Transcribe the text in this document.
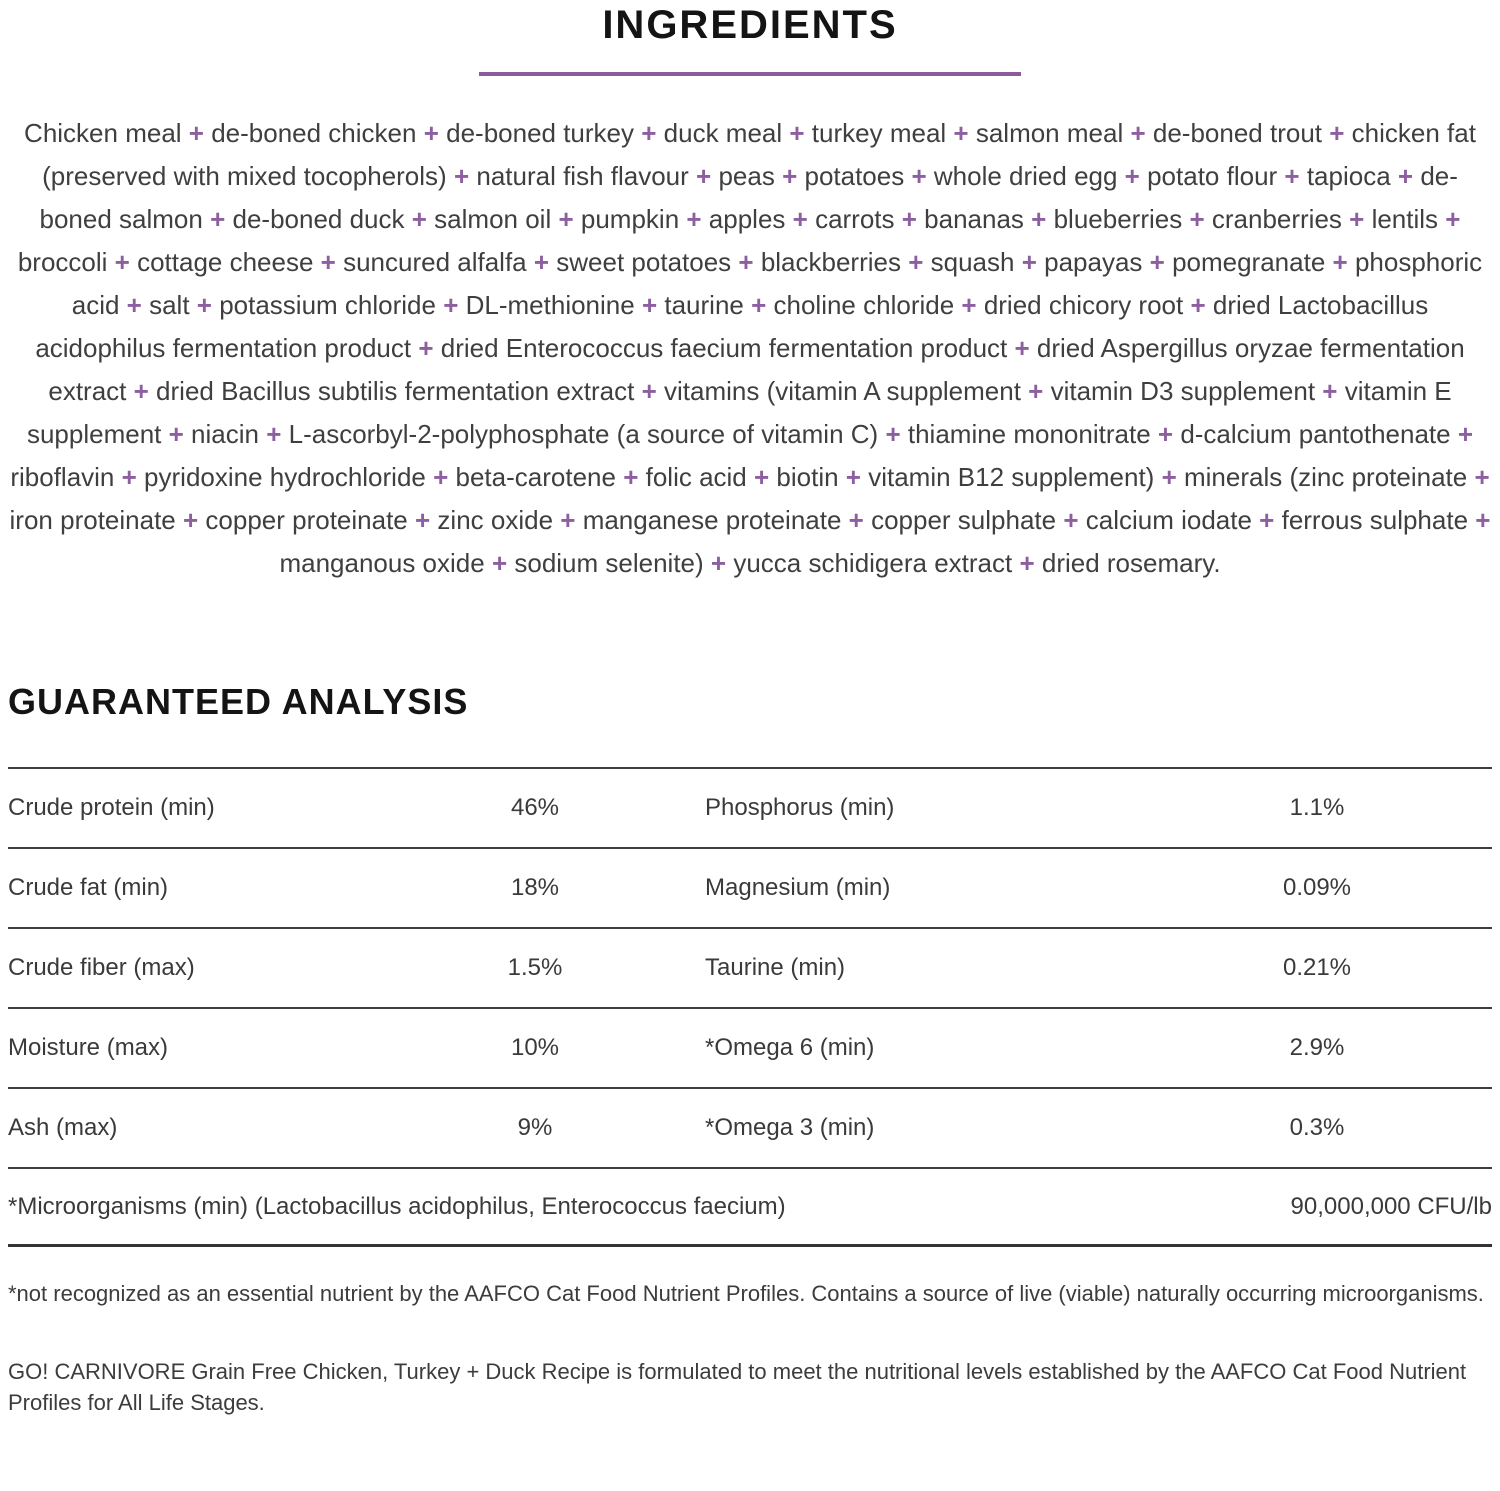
INGREDIENTS

Chicken meal + de-boned chicken + de-boned turkey + duck meal + turkey meal + salmon meal + de-boned trout + chicken fat (preserved with mixed tocopherols) + natural fish flavour + peas + potatoes + whole dried egg + potato flour + tapioca + de-boned salmon + de-boned duck + salmon oil + pumpkin + apples + carrots + bananas + blueberries + cranberries + lentils + broccoli + cottage cheese + suncured alfalfa + sweet potatoes + blackberries + squash + papayas + pomegranate + phosphoric acid + salt + potassium chloride + DL-methionine + taurine + choline chloride + dried chicory root + dried Lactobacillus acidophilus fermentation product + dried Enterococcus faecium fermentation product + dried Aspergillus oryzae fermentation extract + dried Bacillus subtilis fermentation extract + vitamins (vitamin A supplement + vitamin D3 supplement + vitamin E supplement + niacin + L-ascorbyl-2-polyphosphate (a source of vitamin C) + thiamine mononitrate + d-calcium pantothenate + riboflavin + pyridoxine hydrochloride + beta-carotene + folic acid + biotin + vitamin B12 supplement) + minerals (zinc proteinate + iron proteinate + copper proteinate + zinc oxide + manganese proteinate + copper sulphate + calcium iodate + ferrous sulphate + manganous oxide + sodium selenite) + yucca schidigera extract + dried rosemary.

GUARANTEED ANALYSIS
Crude protein (min)	46%	Phosphorus (min)	1.1%
Crude fat (min)	18%	Magnesium (min)	0.09%
Crude fiber (max)	1.5%	Taurine (min)	0.21%
Moisture (max)	10%	*Omega 6 (min)	2.9%
Ash (max)	9%	*Omega 3 (min)	0.3%
*Microorganisms (min) (Lactobacillus acidophilus, Enterococcus faecium)	90,000,000 CFU/lb

*not recognized as an essential nutrient by the AAFCO Cat Food Nutrient Profiles. Contains a source of live (viable) naturally occurring microorganisms.

GO! CARNIVORE Grain Free Chicken, Turkey + Duck Recipe is formulated to meet the nutritional levels established by the AAFCO Cat Food Nutrient Profiles for All Life Stages.
